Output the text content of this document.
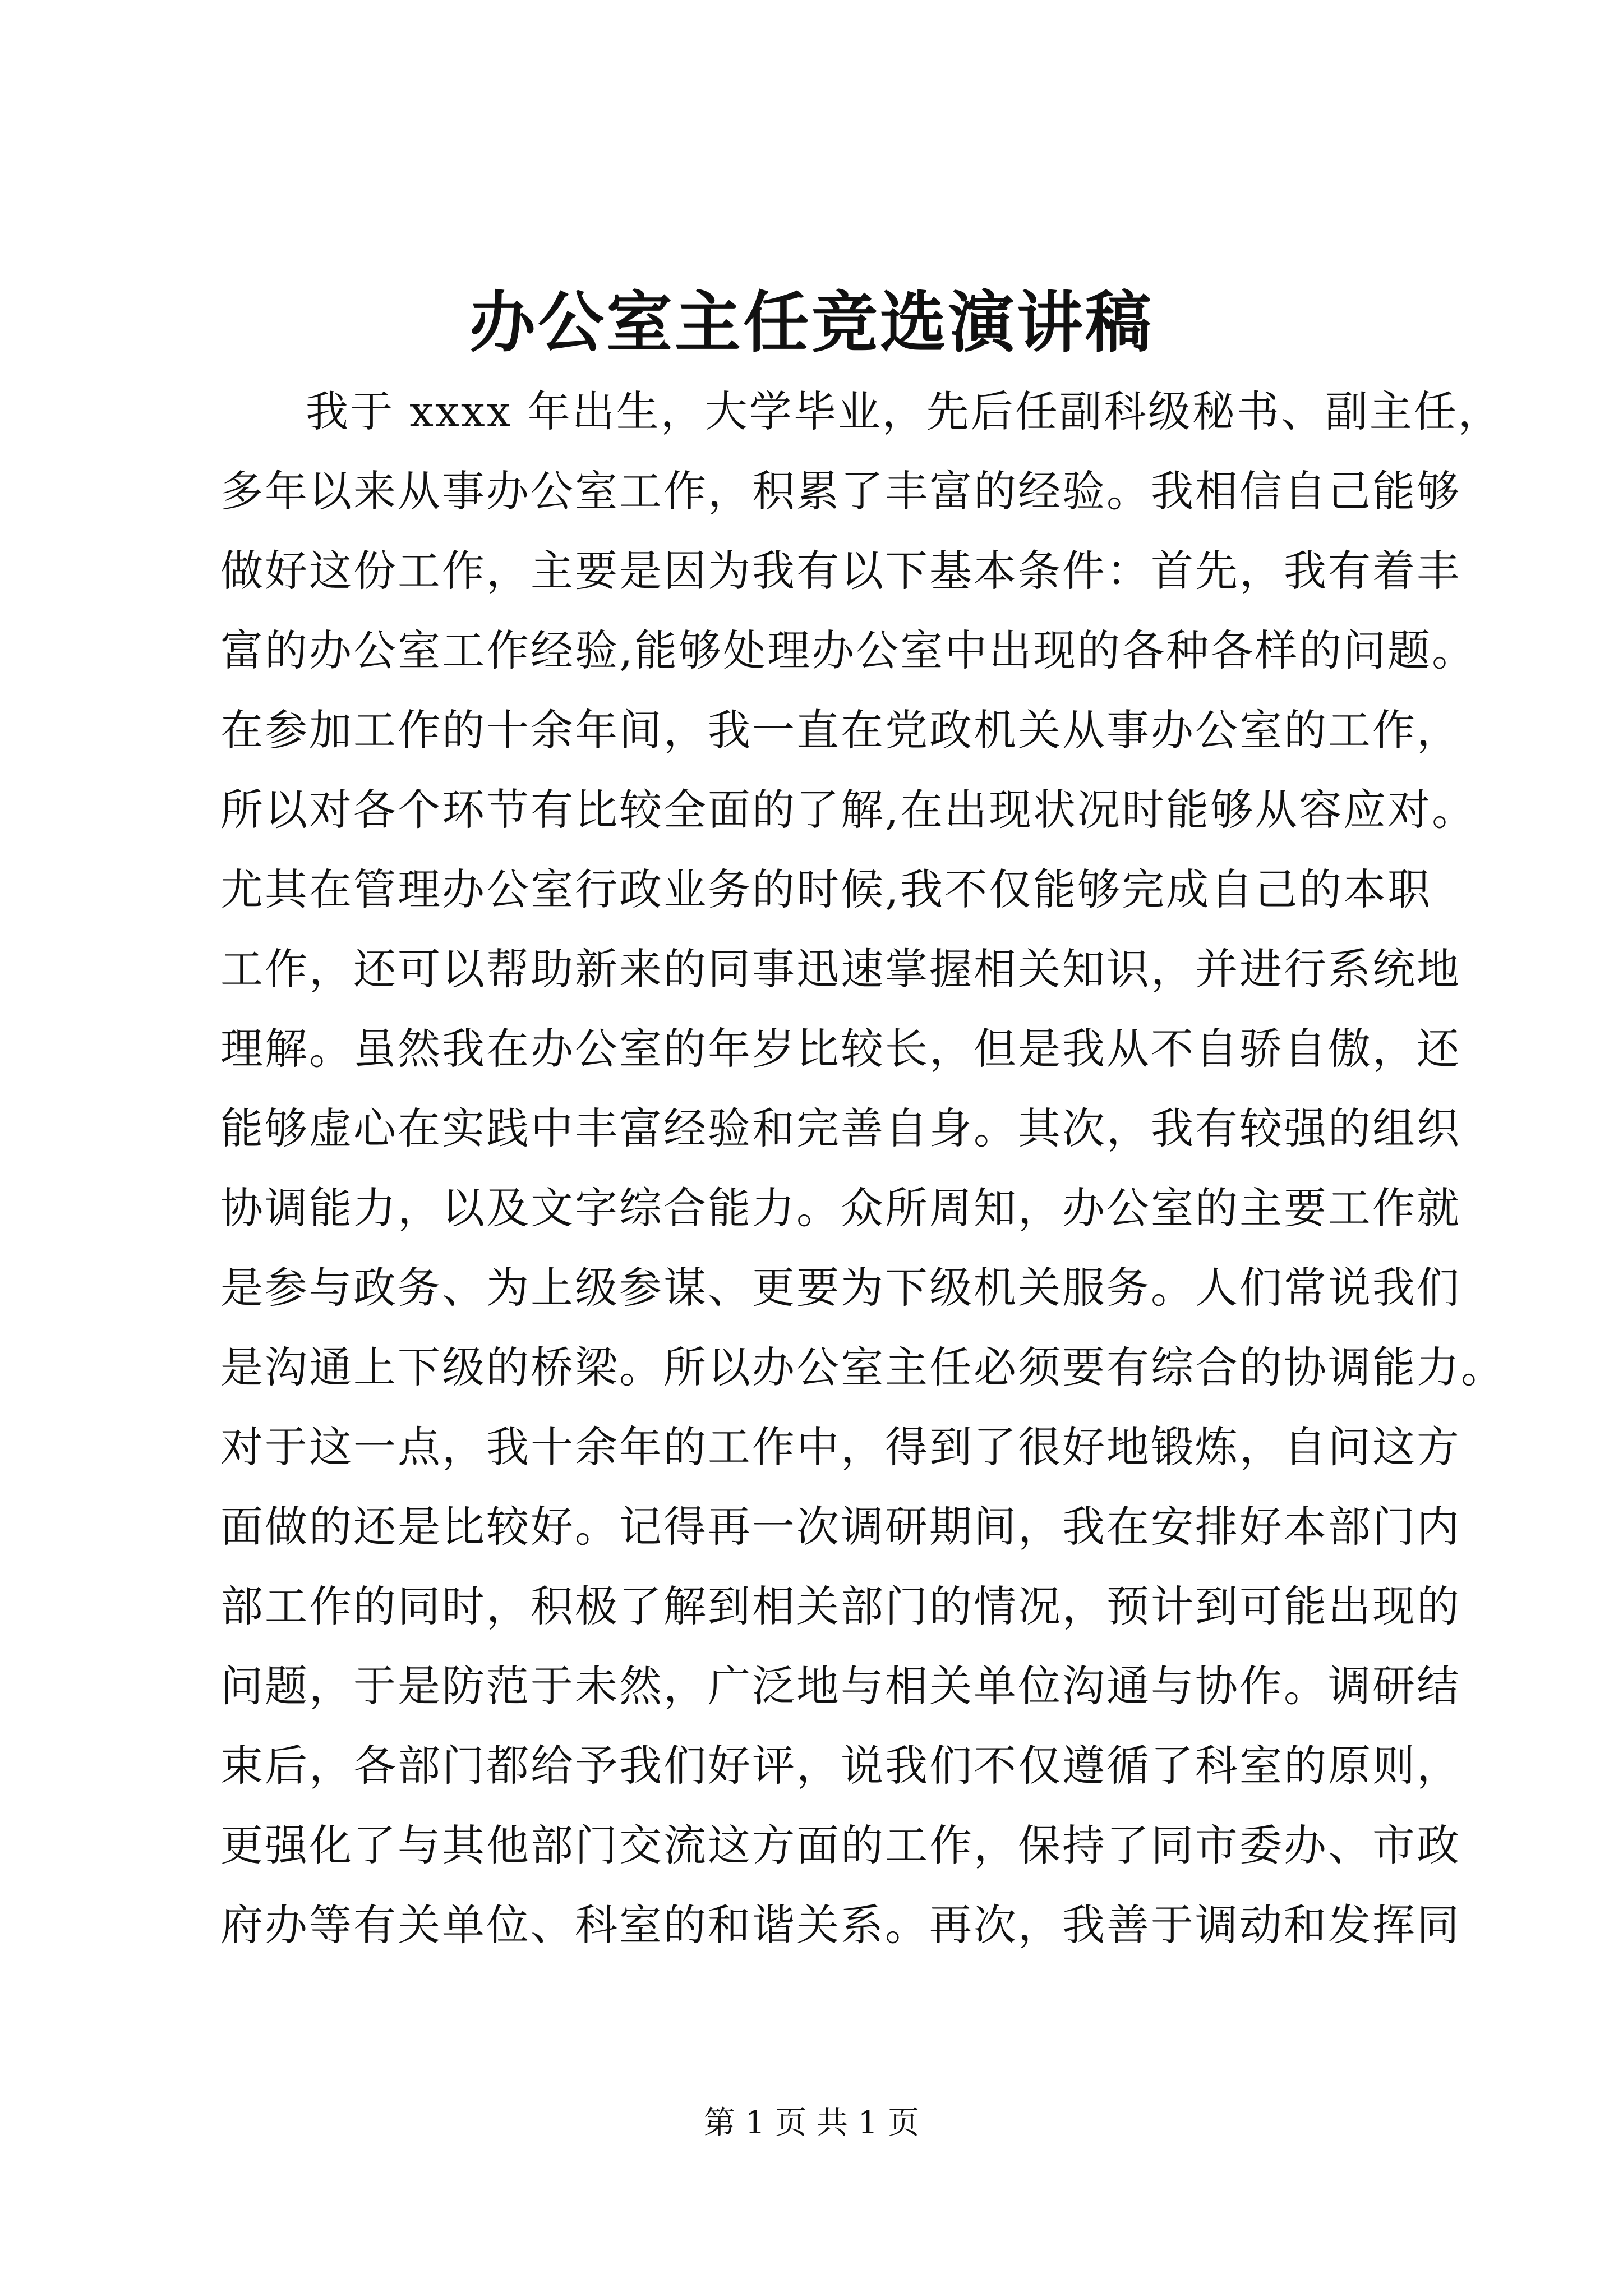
办公室主任竞选演讲稿
我于 xxxx 年出生，大学毕业，先后任副科级秘书、副主任，
多年以来从事办公室工作，积累了丰富的经验。我相信自己能够
做好这份工作，主要是因为我有以下基本条件：首先，我有着丰
富的办公室工作经验,能够处理办公室中出现的各种各样的问题。
在参加工作的十余年间，我一直在党政机关从事办公室的工作，
所以对各个环节有比较全面的了解,在出现状况时能够从容应对。
尤其在管理办公室行政业务的时候,我不仅能够完成自己的本职
工作，还可以帮助新来的同事迅速掌握相关知识，并进行系统地
理解。虽然我在办公室的年岁比较长，但是我从不自骄自傲，还
能够虚心在实践中丰富经验和完善自身。其次，我有较强的组织
协调能力，以及文字综合能力。众所周知，办公室的主要工作就
是参与政务、为上级参谋、更要为下级机关服务。人们常说我们
是沟通上下级的桥梁。所以办公室主任必须要有综合的协调能力。
对于这一点，我十余年的工作中，得到了很好地锻炼，自问这方
面做的还是比较好。记得再一次调研期间，我在安排好本部门内
部工作的同时，积极了解到相关部门的情况，预计到可能出现的
问题，于是防范于未然，广泛地与相关单位沟通与协作。调研结
束后，各部门都给予我们好评，说我们不仅遵循了科室的原则，
更强化了与其他部门交流这方面的工作，保持了同市委办、市政
府办等有关单位、科室的和谐关系。再次，我善于调动和发挥同
第 1 页 共 1 页
